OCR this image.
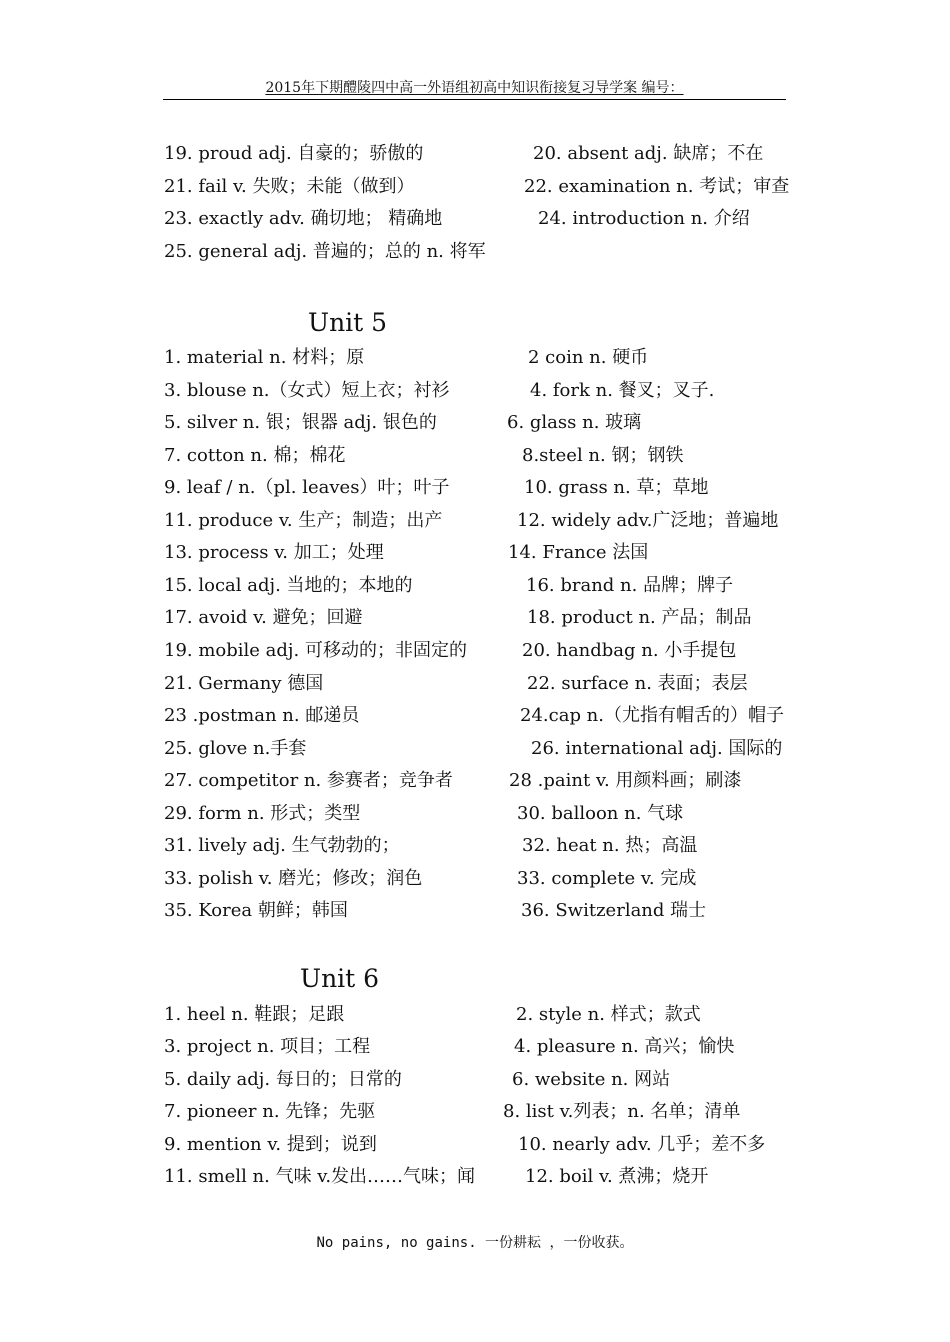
2015年下期醴陵四中高一外语组初高中知识衔接复习导学案 编号：
19. proud adj. 自豪的；骄傲的	20. absent adj. 缺席；不在
21. fail v. 失败；未能（做到）	22. examination n. 考试；审查
23. exactly adv. 确切地； 精确地	24. introduction n. 介绍
25. general adj. 普遍的；总的 n. 将军
Unit 5
1. material n. 材料；原	2 coin n. 硬币
3. blouse n.（女式）短上衣；衬衫	4. fork n. 餐叉；叉子.
5. silver n. 银；银器 adj. 银色的	6. glass n. 玻璃
7. cotton n. 棉；棉花	8.steel n. 钢；钢铁
9. leaf / n.（pl. leaves）叶；叶子	10. grass n. 草；草地
11. produce v. 生产；制造；出产	12. widely adv.广泛地；普遍地
13. process v. 加工；处理	14. France 法国
15. local adj. 当地的；本地的	16. brand n. 品牌；牌子
17. avoid v. 避免；回避	18. product n. 产品；制品
19. mobile adj. 可移动的；非固定的	20. handbag n. 小手提包
21. Germany 德国	22. surface n. 表面；表层
23 .postman n. 邮递员	24.cap n.（尤指有帽舌的）帽子
25. glove n.手套	26. international adj. 国际的
27. competitor n. 参赛者；竞争者	28 .paint v. 用颜料画；刷漆
29. form n. 形式；类型	30. balloon n. 气球
31. lively adj. 生气勃勃的；	32. heat n. 热；高温
33. polish v. 磨光；修改；润色	33. complete v. 完成
35. Korea 朝鲜；韩国	36. Switzerland 瑞士
Unit 6
1. heel n. 鞋跟；足跟	2. style n. 样式；款式
3. project n. 项目；工程	4. pleasure n. 高兴；愉快
5. daily adj. 每日的；日常的	6. website n. 网站
7. pioneer n. 先锋；先驱	8. list v.列表；n. 名单；清单
9. mention v. 提到；说到	10. nearly adv. 几乎；差不多
11. smell n. 气味 v.发出……气味；闻	12. boil v. 煮沸；烧开
No pains, no gains. 一份耕耘 ，一份收获。
